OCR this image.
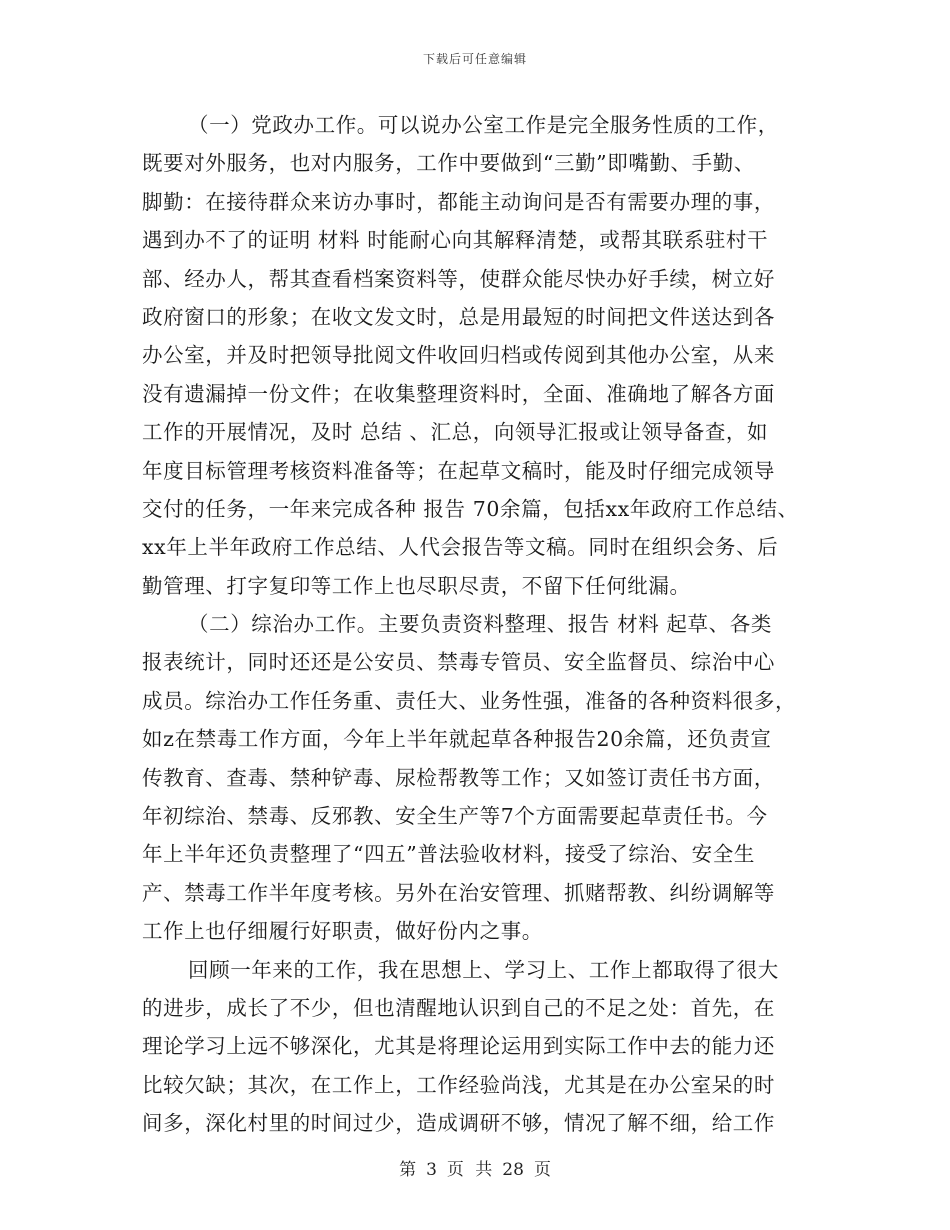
下载后可任意编辑
（一）党政办工作。可以说办公室工作是完全服务性质的工作，
既要对外服务，也对内服务，工作中要做到“三勤”即嘴勤、手勤、
脚勤：在接待群众来访办事时，都能主动询问是否有需要办理的事，
遇到办不了的证明 材料 时能耐心向其解释清楚，或帮其联系驻村干
部、经办人，帮其查看档案资料等，使群众能尽快办好手续，树立好
政府窗口的形象；在收文发文时，总是用最短的时间把文件送达到各
办公室，并及时把领导批阅文件收回归档或传阅到其他办公室，从来
没有遗漏掉一份文件；在收集整理资料时，全面、准确地了解各方面
工作的开展情况，及时 总结 、汇总，向领导汇报或让领导备查，如
年度目标管理考核资料准备等；在起草文稿时，能及时仔细完成领导
交付的任务，一年来完成各种 报告 70余篇，包括xx年政府工作总结、
xx年上半年政府工作总结、人代会报告等文稿。同时在组织会务、后
勤管理、打字复印等工作上也尽职尽责，不留下任何纰漏。
（二）综治办工作。主要负责资料整理、报告 材料 起草、各类
报表统计，同时还还是公安员、禁毒专管员、安全监督员、综治中心
成员。综治办工作任务重、责任大、业务性强，准备的各种资料很多，
如z在禁毒工作方面，今年上半年就起草各种报告20余篇，还负责宣
传教育、查毒、禁种铲毒、尿检帮教等工作；又如签订责任书方面，
年初综治、禁毒、反邪教、安全生产等7个方面需要起草责任书。今
年上半年还负责整理了“四五”普法验收材料，接受了综治、安全生
产、禁毒工作半年度考核。另外在治安管理、抓赌帮教、纠纷调解等
工作上也仔细履行好职责，做好份内之事。
回顾一年来的工作，我在思想上、学习上、工作上都取得了很大
的进步，成长了不少，但也清醒地认识到自己的不足之处：首先，在
理论学习上远不够深化，尤其是将理论运用到实际工作中去的能力还
比较欠缺；其次，在工作上，工作经验尚浅，尤其是在办公室呆的时
间多，深化村里的时间过少，造成调研不够，情况了解不细，给工作
第 3 页 共 28 页
